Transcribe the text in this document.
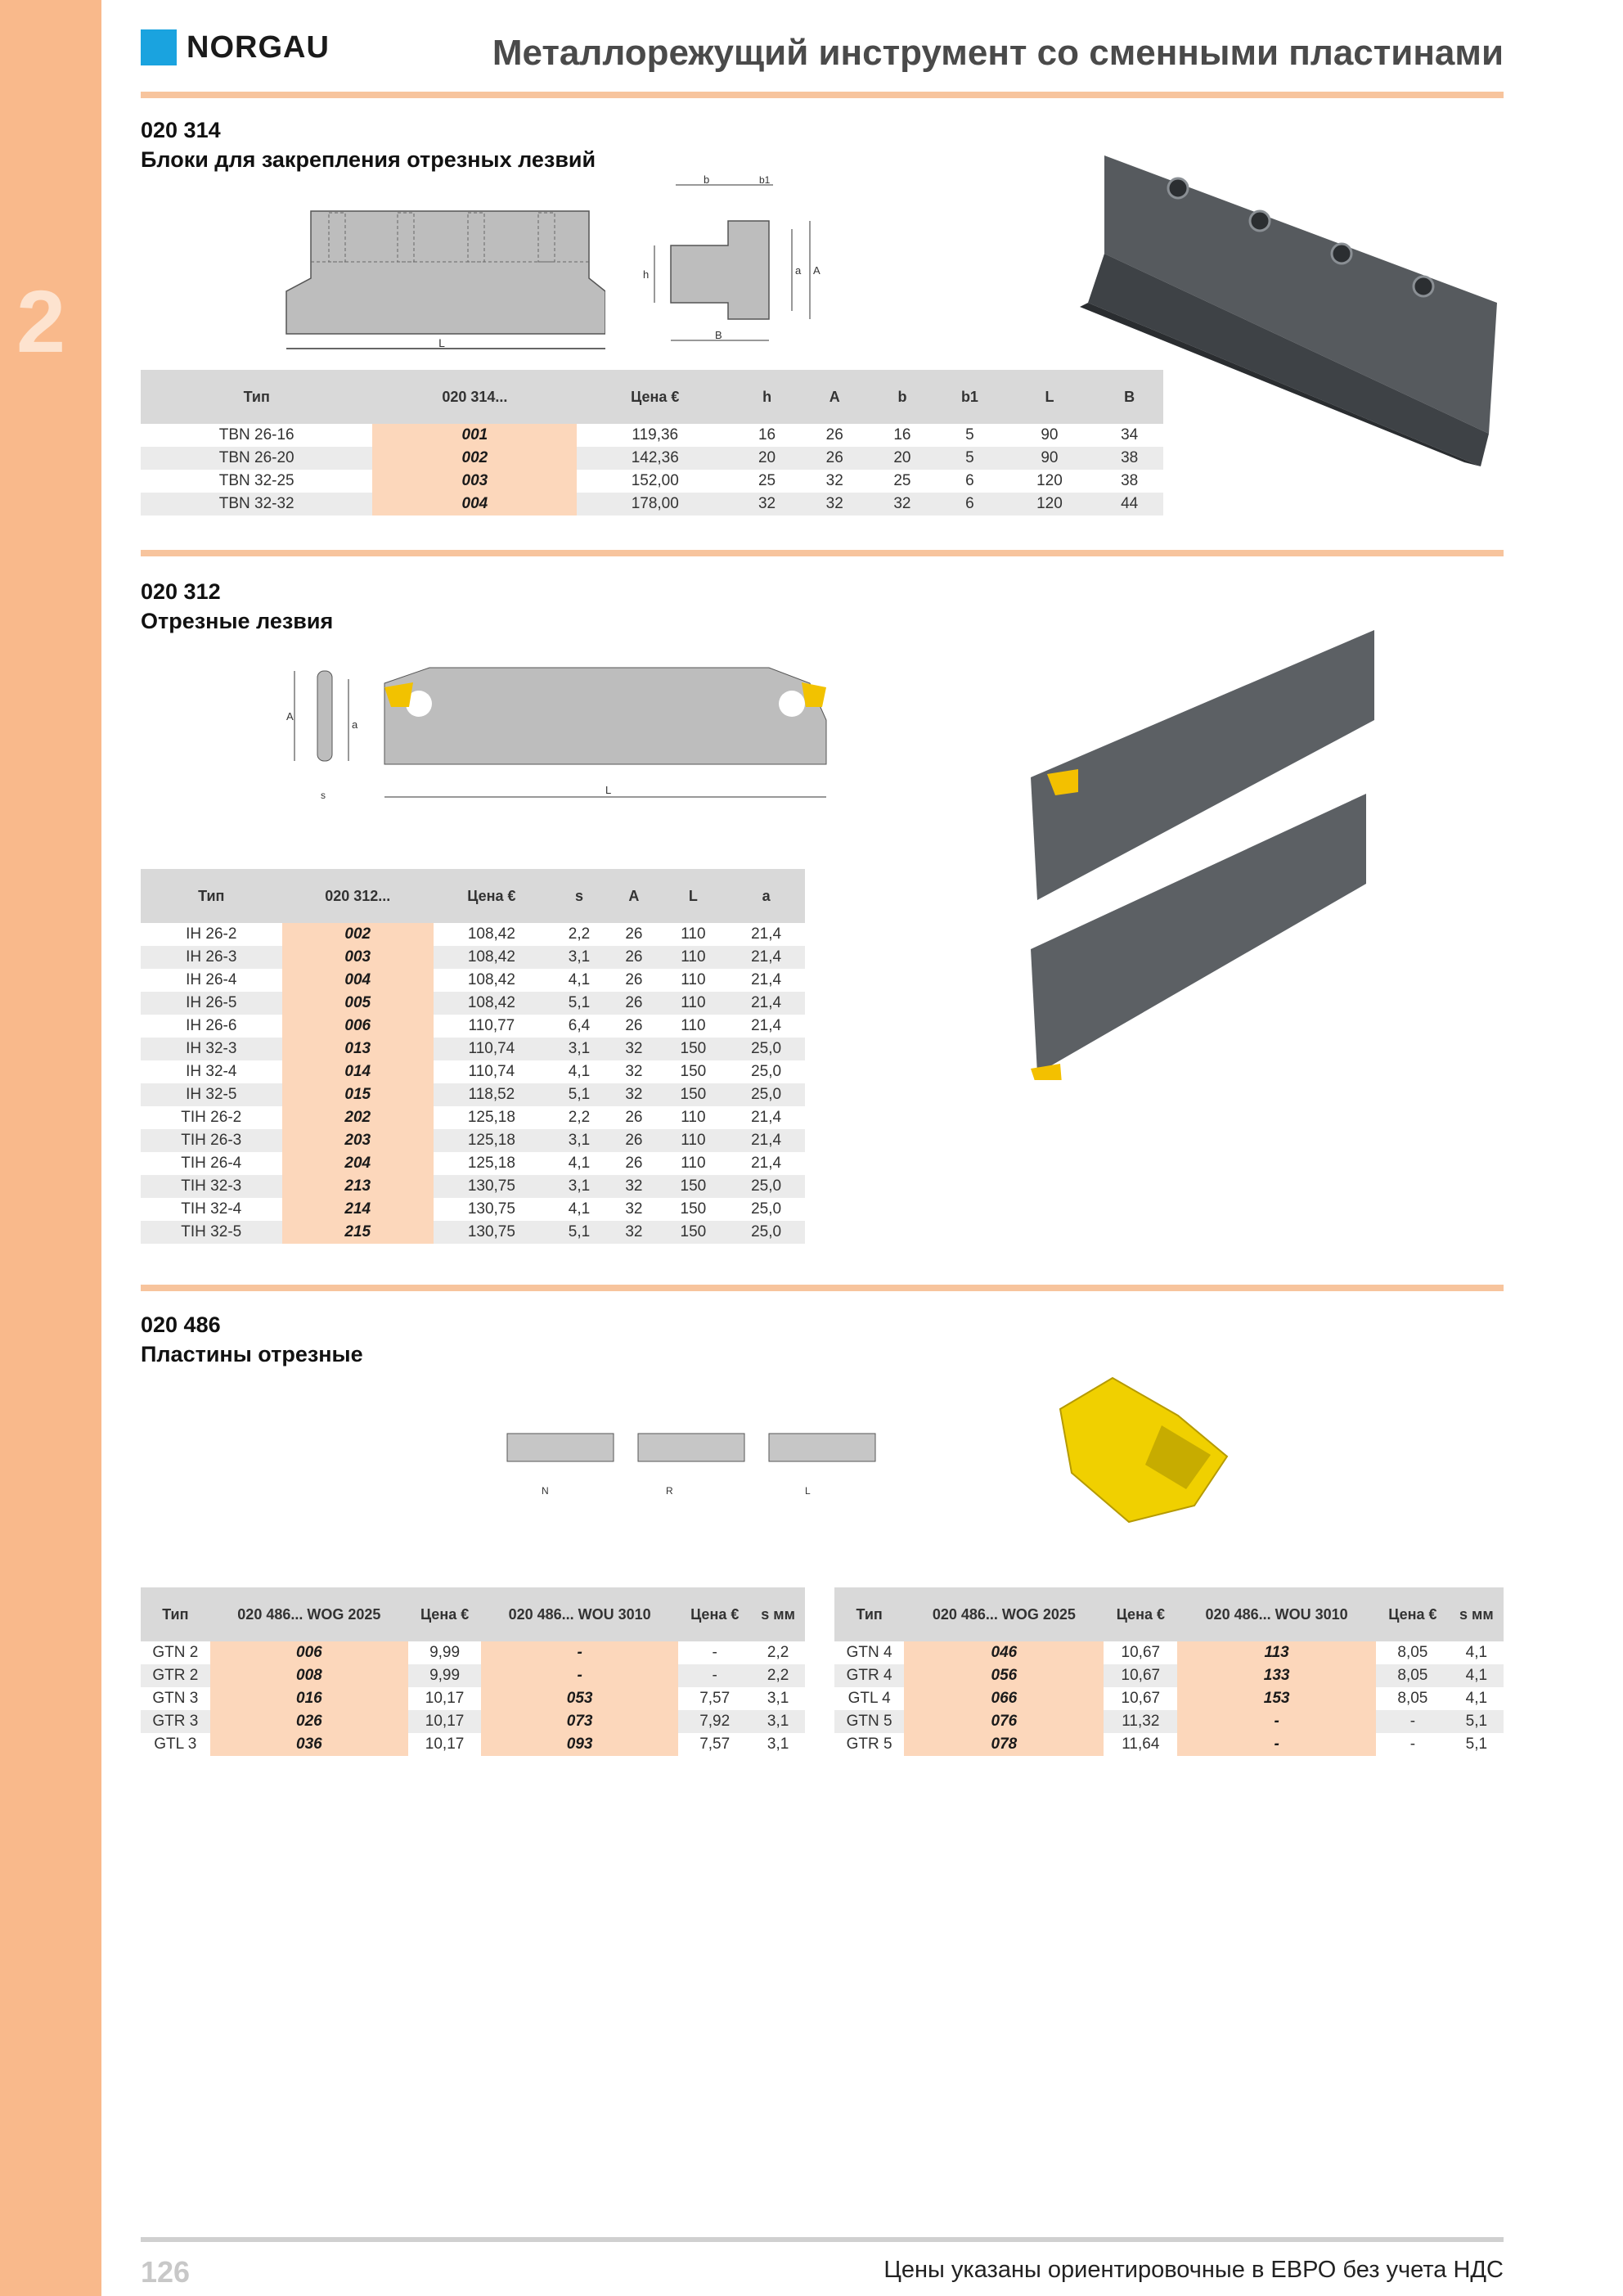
2
NORGAU	Металлорежущий инструмент со сменными пластинами
020 314
Блоки для закрепления отрезных лезвий
L
b	b1
h	a A
B
Тип	020 314...	Цена €	h	A	b	b1	L	B
TBN 26-16	001	119,36	16	26	16	5	90	34
TBN 26-20	002	142,36	20	26	20	5	90	38
TBN 32-25	003	152,00	25	32	25	6	120	38
TBN 32-32	004	178,00	32	32	32	6	120	44
020 312
Отрезные лезвия
A
a
s	L
Тип	020 312...	Цена €	s	A	L	a
IH 26-2	002	108,42	2,2	26	110	21,4
IH 26-3	003	108,42	3,1	26	110	21,4
IH 26-4	004	108,42	4,1	26	110	21,4
IH 26-5	005	108,42	5,1	26	110	21,4
IH 26-6	006	110,77	6,4	26	110	21,4
IH 32-3	013	110,74	3,1	32	150	25,0
IH 32-4	014	110,74	4,1	32	150	25,0
IH 32-5	015	118,52	5,1	32	150	25,0
TIH 26-2	202	125,18	2,2	26	110	21,4
TIH 26-3	203	125,18	3,1	26	110	21,4
TIH 26-4	204	125,18	4,1	26	110	21,4
TIH 32-3	213	130,75	3,1	32	150	25,0
TIH 32-4	214	130,75	4,1	32	150	25,0
TIH 32-5	215	130,75	5,1	32	150	25,0
020 486
Пластины отрезные
N	R	L
Тип	020 486... WOG 2025	Цена €	020 486... WOU 3010	Цена €	s мм
GTN 2	006	9,99	-	-	2,2
GTR 2	008	9,99	-	-	2,2
GTN 3	016	10,17	053	7,57	3,1
GTR 3	026	10,17	073	7,92	3,1
GTL 3	036	10,17	093	7,57	3,1
Тип	020 486... WOG 2025	Цена €	020 486... WOU 3010	Цена €	s мм
GTN 4	046	10,67	113	8,05	4,1
GTR 4	056	10,67	133	8,05	4,1
GTL 4	066	10,67	153	8,05	4,1
GTN 5	076	11,32	-	-	5,1
GTR 5	078	11,64	-	-	5,1
126	Цены указаны ориентировочные в ЕВРО без учета НДС
